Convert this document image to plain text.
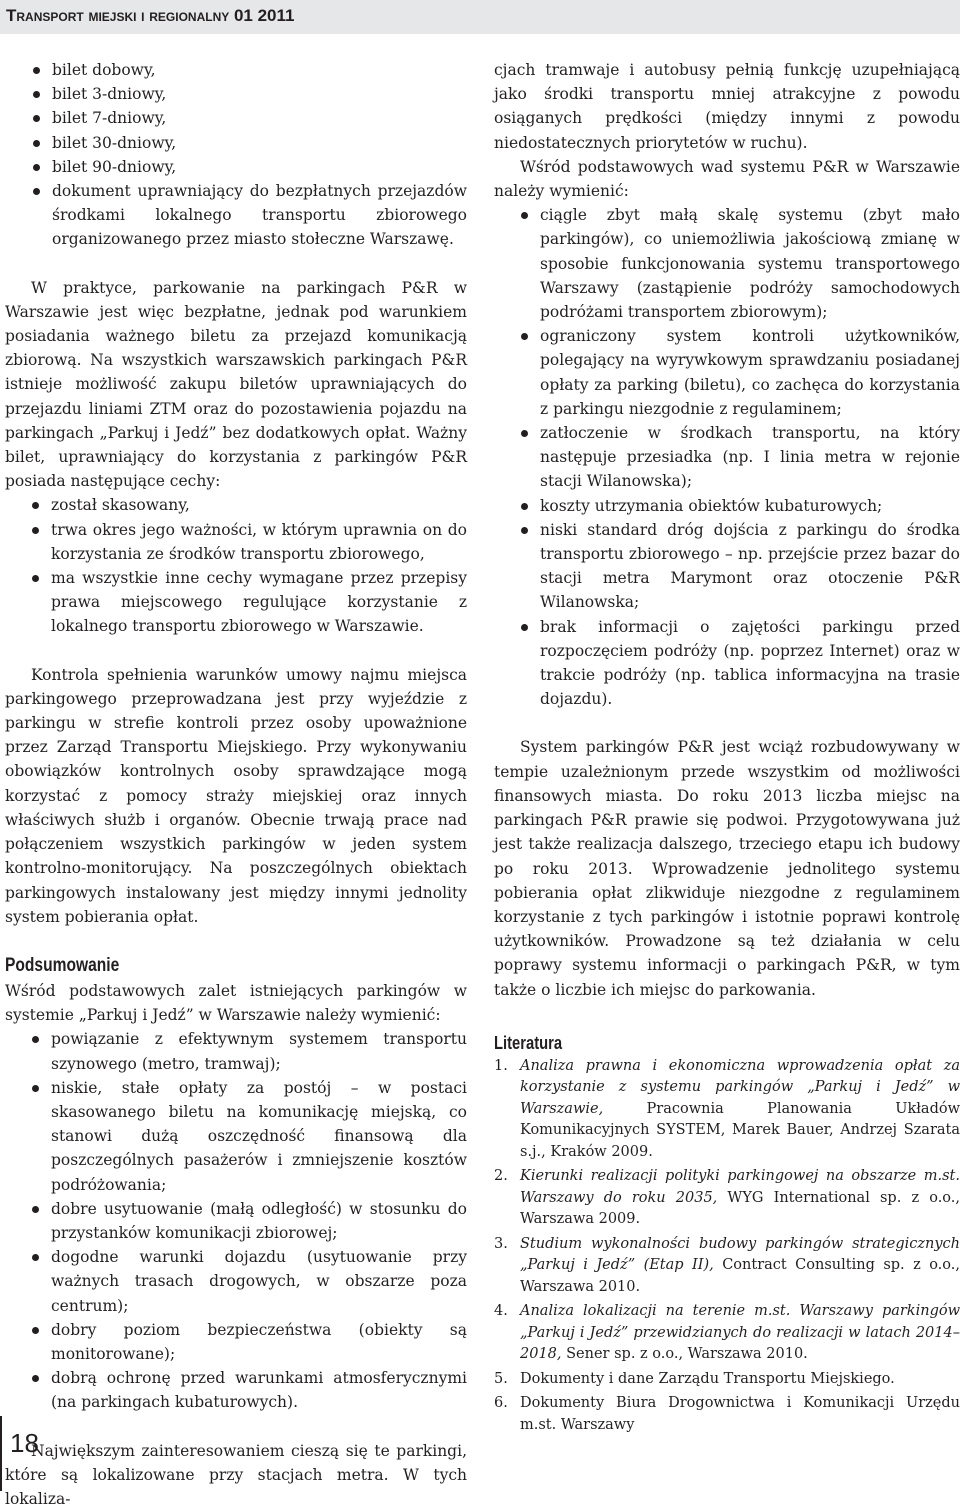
Transport miejski i regionalny 01 2011
bilet dobowy,
bilet 3-dniowy,
bilet 7-dniowy,
bilet 30-dniowy,
bilet 90-dniowy,
dokument uprawniający do bezpłatnych przejazdów środkami lokalnego transportu zbiorowego organizowanego przez miasto stołeczne Warszawę.

W praktyce, parkowanie na parkingach P&R w Warszawie jest więc bezpłatne, jednak pod warunkiem posiadania ważnego biletu za przejazd komunikacją zbiorową. Na wszystkich warszawskich parkingach P&R istnieje możliwość zakupu biletów uprawniających do przejazdu liniami ZTM oraz do pozostawienia pojazdu na parkingach „Parkuj i Jedź” bez dodatkowych opłat. Ważny bilet, uprawniający do korzystania z parkingów P&R posiada następujące cechy:

został skasowany,
trwa okres jego ważności, w którym uprawnia on do korzystania ze środków transportu zbiorowego,
ma wszystkie inne cechy wymagane przez przepisy prawa miejscowego regulujące korzystanie z lokalnego transportu zbiorowego w Warszawie.

Kontrola spełnienia warunków umowy najmu miejsca parkingowego przeprowadzana jest przy wyjeździe z parkingu w strefie kontroli przez osoby upoważnione przez Zarząd Transportu Miejskiego. Przy wykonywaniu obowiązków kontrolnych osoby sprawdzające mogą korzystać z pomocy straży miejskiej oraz innych właściwych służb i organów. Obecnie trwają prace nad połączeniem wszystkich parkingów w jeden system kontrolno-monitorujący. Na poszczególnych obiektach parkingowych instalowany jest między innymi jednolity system pobierania opłat.

Podsumowanie

Wśród podstawowych zalet istniejących parkingów w systemie „Parkuj i Jedź” w Warszawie należy wymienić:

powiązanie z efektywnym systemem transportu szynowego (metro, tramwaj);
niskie, stałe opłaty za postój – w postaci skasowanego biletu na komunikację miejską, co stanowi dużą oszczędność finansową dla poszczególnych pasażerów i zmniejszenie kosztów podróżowania;
dobre usytuowanie (małą odległość) w stosunku do przystanków komunikacji zbiorowej;
dogodne warunki dojazdu (usytuowanie przy ważnych trasach drogowych, w obszarze poza centrum);
dobry poziom bezpieczeństwa (obiekty są monitorowane);
dobrą ochronę przed warunkami atmosferycznymi (na parkingach kubaturowych).

Największym zainteresowaniem cieszą się te parkingi, które są lokalizowane przy stacjach metra. W tych lokaliza-

cjach tramwaje i autobusy pełnią funkcję uzupełniającą jako środki transportu mniej atrakcyjne z powodu osiąganych prędkości (między innymi z powodu niedostatecznych priorytetów w ruchu).

Wśród podstawowych wad systemu P&R w Warszawie należy wymienić:

ciągle zbyt małą skalę systemu (zbyt mało parkingów), co uniemożliwia jakościową zmianę w sposobie funkcjonowania systemu transportowego Warszawy (zastąpienie podróży samochodowych podróżami transportem zbiorowym);
ograniczony system kontroli użytkowników, polegający na wyrywkowym sprawdzaniu posiadanej opłaty za parking (biletu), co zachęca do korzystania z parkingu niezgodnie z regulaminem;
zatłoczenie w środkach transportu, na który następuje przesiadka (np. I linia metra w rejonie stacji Wilanowska);
koszty utrzymania obiektów kubaturowych;
niski standard dróg dojścia z parkingu do środka transportu zbiorowego – np. przejście przez bazar do stacji metra Marymont oraz otoczenie P&R Wilanowska;
brak informacji o zajętości parkingu przed rozpoczęciem podróży (np. poprzez Internet) oraz w trakcie podróży (np. tablica informacyjna na trasie dojazdu).

System parkingów P&R jest wciąż rozbudowywany w tempie uzależnionym przede wszystkim od możliwości finansowych miasta. Do roku 2013 liczba miejsc na parkingach P&R prawie się podwoi. Przygotowywana już jest także realizacja dalszego, trzeciego etapu ich budowy po roku 2013. Wprowadzenie jednolitego systemu pobierania opłat zlikwiduje niezgodne z regulaminem korzystanie z tych parkingów i istotnie poprawi kontrolę użytkowników. Prowadzone są też działania w celu poprawy systemu informacji o parkingach P&R, w tym także o liczbie ich miejsc do parkowania.

Literatura
1. Analiza prawna i ekonomiczna wprowadzenia opłat za korzystanie z systemu parkingów „Parkuj i Jedź” w Warszawie, Pracownia Planowania Układów Komunikacyjnych SYSTEM, Marek Bauer, Andrzej Szarata s.j., Kraków 2009.
2. Kierunki realizacji polityki parkingowej na obszarze m.st. Warszawy do roku 2035, WYG International sp. z o.o., Warszawa 2009.
3. Studium wykonalności budowy parkingów strategicznych „Parkuj i Jedź” (Etap II), Contract Consulting sp. z o.o., Warszawa 2010.
4. Analiza lokalizacji na terenie m.st. Warszawy parkingów „Parkuj i Jedź” przewidzianych do realizacji w latach 2014–2018, Sener sp. z o.o., Warszawa 2010.
5. Dokumenty i dane Zarządu Transportu Miejskiego.
6. Dokumenty Biura Drogownictwa i Komunikacji Urzędu m.st. Warszawy
18
